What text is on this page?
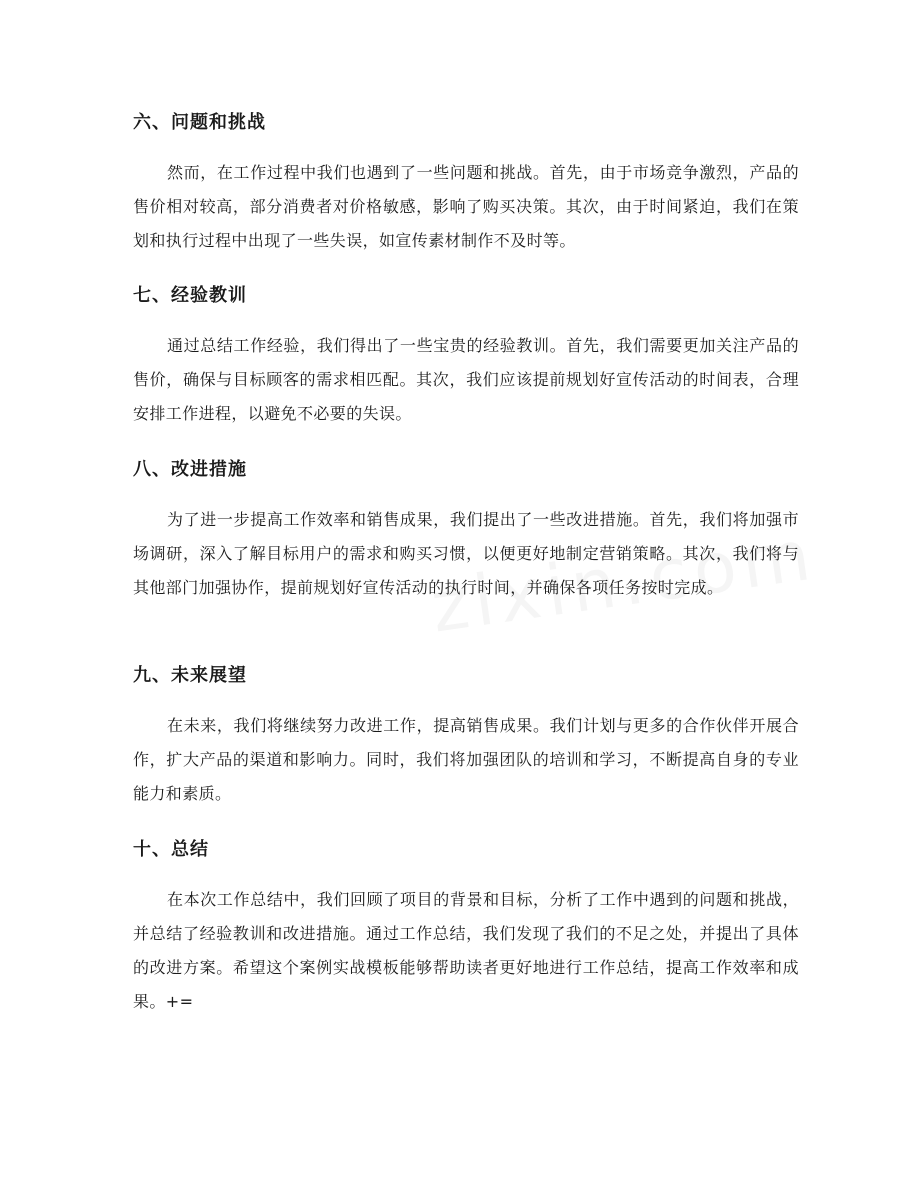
六、问题和挑战

然而，在工作过程中我们也遇到了一些问题和挑战。首先，由于市场竞争激烈，产品的售价相对较高，部分消费者对价格敏感，影响了购买决策。其次，由于时间紧迫，我们在策划和执行过程中出现了一些失误，如宣传素材制作不及时等。

七、经验教训

通过总结工作经验，我们得出了一些宝贵的经验教训。首先，我们需要更加关注产品的售价，确保与目标顾客的需求相匹配。其次，我们应该提前规划好宣传活动的时间表，合理安排工作进程，以避免不必要的失误。

八、改进措施

为了进一步提高工作效率和销售成果，我们提出了一些改进措施。首先，我们将加强市场调研，深入了解目标用户的需求和购买习惯，以便更好地制定营销策略。其次，我们将与其他部门加强协作，提前规划好宣传活动的执行时间，并确保各项任务按时完成。

九、未来展望

在未来，我们将继续努力改进工作，提高销售成果。我们计划与更多的合作伙伴开展合作，扩大产品的渠道和影响力。同时，我们将加强团队的培训和学习，不断提高自身的专业能力和素质。

十、总结

在本次工作总结中，我们回顾了项目的背景和目标，分析了工作中遇到的问题和挑战，并总结了经验教训和改进措施。通过工作总结，我们发现了我们的不足之处，并提出了具体的改进方案。希望这个案例实战模板能够帮助读者更好地进行工作总结，提高工作效率和成果。+=
